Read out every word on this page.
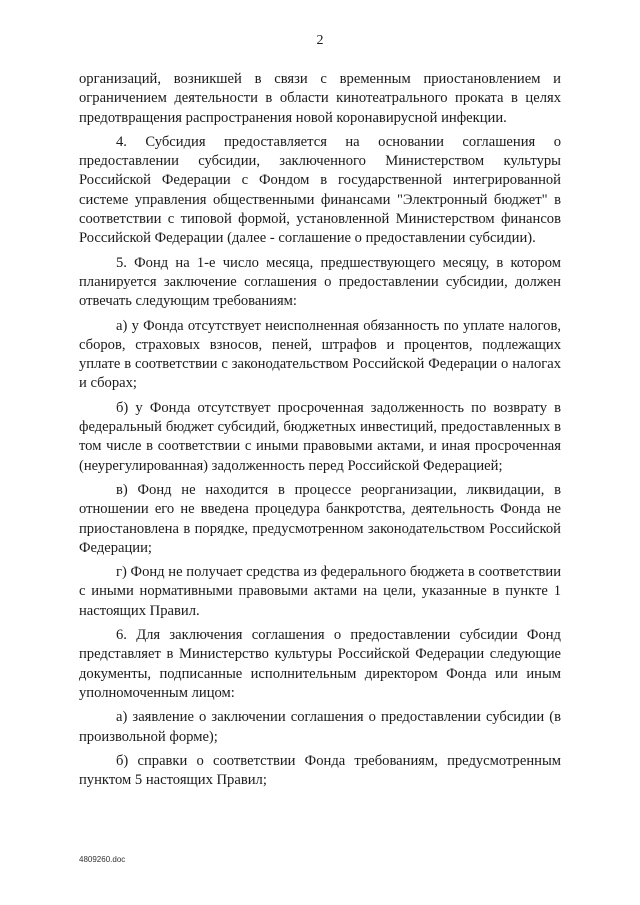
2

организаций, возникшей в связи с временным приостановлением и ограничением деятельности в области кинотеатрального проката в целях предотвращения распространения новой коронавирусной инфекции.

4. Субсидия предоставляется на основании соглашения о предоставлении субсидии, заключенного Министерством культуры Российской Федерации с Фондом в государственной интегрированной системе управления общественными финансами "Электронный бюджет" в соответствии с типовой формой, установленной Министерством финансов Российской Федерации (далее - соглашение о предоставлении субсидии).

5. Фонд на 1-е число месяца, предшествующего месяцу, в котором планируется заключение соглашения о предоставлении субсидии, должен отвечать следующим требованиям:

а) у Фонда отсутствует неисполненная обязанность по уплате налогов, сборов, страховых взносов, пеней, штрафов и процентов, подлежащих уплате в соответствии с законодательством Российской Федерации о налогах и сборах;

б) у Фонда отсутствует просроченная задолженность по возврату в федеральный бюджет субсидий, бюджетных инвестиций, предоставленных в том числе в соответствии с иными правовыми актами, и иная просроченная (неурегулированная) задолженность перед Российской Федерацией;

в) Фонд не находится в процессе реорганизации, ликвидации, в отношении его не введена процедура банкротства, деятельность Фонда не приостановлена в порядке, предусмотренном законодательством Российской Федерации;

г) Фонд не получает средства из федерального бюджета в соответствии с иными нормативными правовыми актами на цели, указанные в пункте 1 настоящих Правил.

6. Для заключения соглашения о предоставлении субсидии Фонд представляет в Министерство культуры Российской Федерации следующие документы, подписанные исполнительным директором Фонда или иным уполномоченным лицом:

а) заявление о заключении соглашения о предоставлении субсидии (в произвольной форме);

б) справки о соответствии Фонда требованиям, предусмотренным пунктом 5 настоящих Правил;

4809260.doc
